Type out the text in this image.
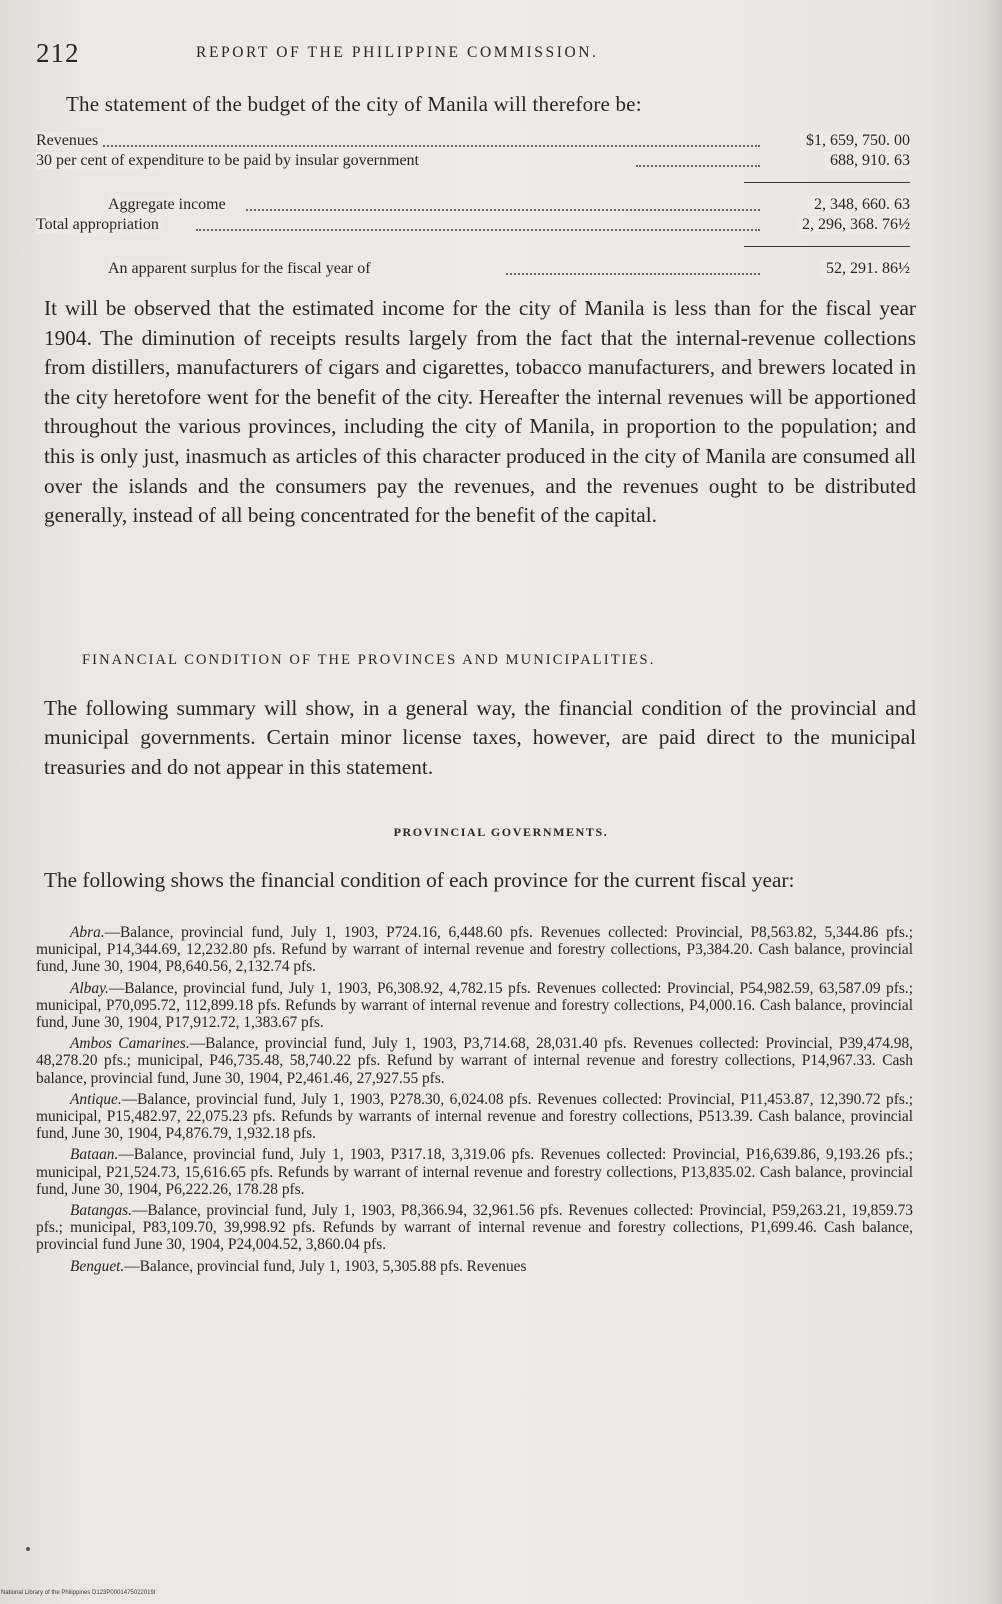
212	REPORT OF THE PHILIPPINE COMMISSION.
The statement of the budget of the city of Manila will therefore be:
Revenues	$1, 659, 750. 00
30 per cent of expenditure to be paid by insular government	688, 910. 63
Aggregate income	2, 348, 660. 63
Total appropriation	2, 296, 368. 76½
An apparent surplus for the fiscal year of	52, 291. 86½
It will be observed that the estimated income for the city of Manila is less than for the fiscal year 1904. The diminution of receipts results largely from the fact that the internal-revenue collections from distillers, manufacturers of cigars and cigarettes, tobacco manufacturers, and brewers located in the city heretofore went for the benefit of the city. Hereafter the internal revenues will be apportioned throughout the various provinces, including the city of Manila, in proportion to the population; and this is only just, inasmuch as articles of this character produced in the city of Manila are consumed all over the islands and the consumers pay the revenues, and the revenues ought to be distributed generally, instead of all being concentrated for the benefit of the capital.
FINANCIAL CONDITION OF THE PROVINCES AND MUNICIPALITIES.
The following summary will show, in a general way, the financial condition of the provincial and municipal governments. Certain minor license taxes, however, are paid direct to the municipal treasuries and do not appear in this statement.
PROVINCIAL GOVERNMENTS.
The following shows the financial condition of each province for the current fiscal year:

Abra.—Balance, provincial fund, July 1, 1903, P724.16, 6,448.60 pfs. Revenues collected: Provincial, P8,563.82, 5,344.86 pfs.; municipal, P14,344.69, 12,232.80 pfs. Refund by warrant of internal revenue and forestry collections, P3,384.20. Cash balance, provincial fund, June 30, 1904, P8,640.56, 2,132.74 pfs.

Albay.—Balance, provincial fund, July 1, 1903, P6,308.92, 4,782.15 pfs. Revenues collected: Provincial, P54,982.59, 63,587.09 pfs.; municipal, P70,095.72, 112,899.18 pfs. Refunds by warrant of internal revenue and forestry collections, P4,000.16. Cash balance, provincial fund, June 30, 1904, P17,912.72, 1,383.67 pfs.

Ambos Camarines.—Balance, provincial fund, July 1, 1903, P3,714.68, 28,031.40 pfs. Revenues collected: Provincial, P39,474.98, 48,278.20 pfs.; municipal, P46,735.48, 58,740.22 pfs. Refund by warrant of internal revenue and forestry collections, P14,967.33. Cash balance, provincial fund, June 30, 1904, P2,461.46, 27,927.55 pfs.

Antique.—Balance, provincial fund, July 1, 1903, P278.30, 6,024.08 pfs. Revenues collected: Provincial, P11,453.87, 12,390.72 pfs.; municipal, P15,482.97, 22,075.23 pfs. Refunds by warrants of internal revenue and forestry collections, P513.39. Cash balance, provincial fund, June 30, 1904, P4,876.79, 1,932.18 pfs.

Bataan.—Balance, provincial fund, July 1, 1903, P317.18, 3,319.06 pfs. Revenues collected: Provincial, P16,639.86, 9,193.26 pfs.; municipal, P21,524.73, 15,616.65 pfs. Refunds by warrant of internal revenue and forestry collections, P13,835.02. Cash balance, provincial fund, June 30, 1904, P6,222.26, 178.28 pfs.

Batangas.—Balance, provincial fund, July 1, 1903, P8,366.94, 32,961.56 pfs. Revenues collected: Provincial, P59,263.21, 19,859.73 pfs.; municipal, P83,109.70, 39,998.92 pfs. Refunds by warrant of internal revenue and forestry collections, P1,699.46. Cash balance, provincial fund June 30, 1904, P24,004.52, 3,860.04 pfs.

Benguet.—Balance, provincial fund, July 1, 1903, 5,305.88 pfs. Revenues

National Library of the Philippines D123P0001475022019I
